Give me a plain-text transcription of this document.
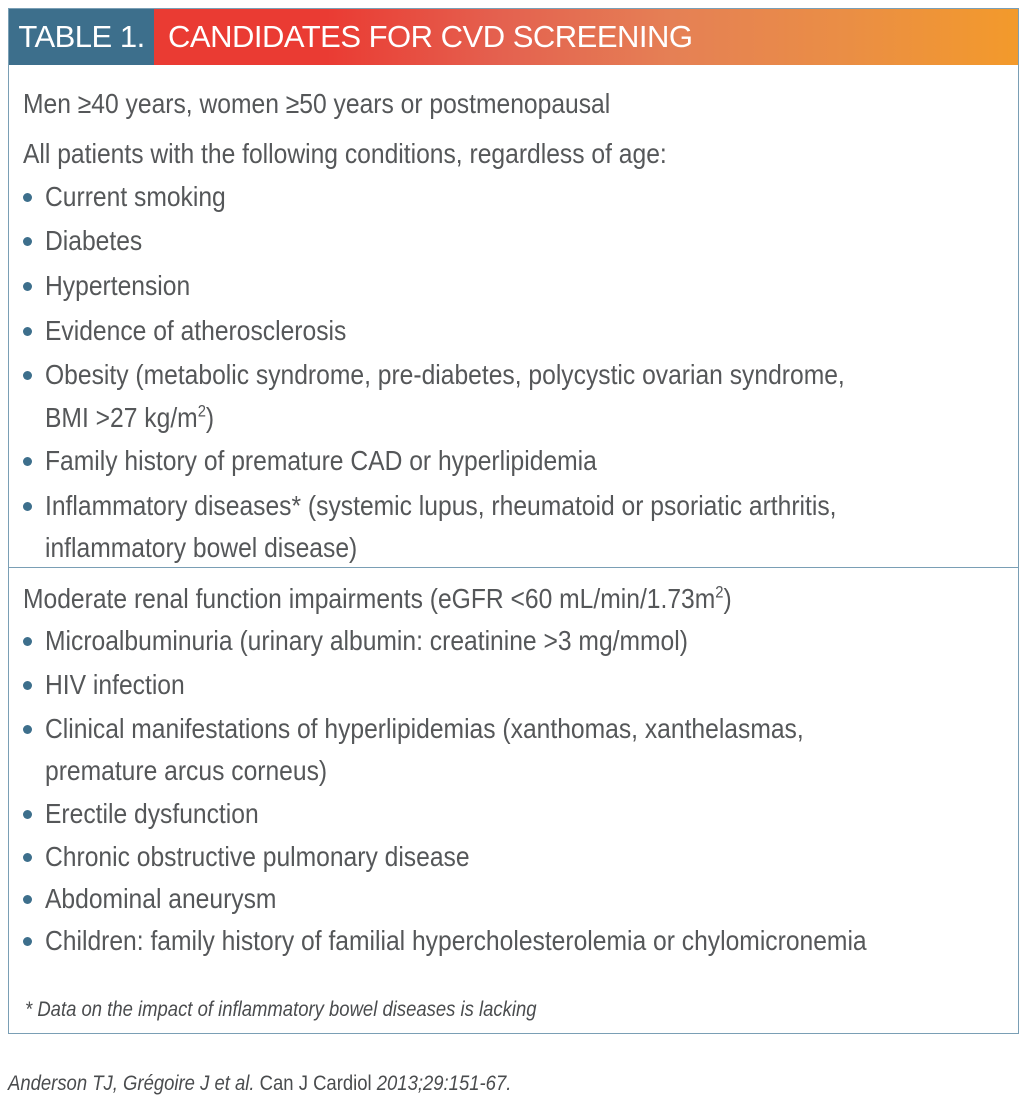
TABLE 1. CANDIDATES FOR CVD SCREENING
Men ≥40 years, women ≥50 years or postmenopausal
All patients with the following conditions, regardless of age:
Current smoking
Diabetes
Hypertension
Evidence of atherosclerosis
Obesity (metabolic syndrome, pre-diabetes, polycystic ovarian syndrome,
BMI >27 $kg/m^2$)
Family history of premature CAD or hyperlipidemia
Inflammatory diseases* (systemic lupus, rheumatoid or psoriatic arthritis,
inflammatory bowel disease)
Moderate renal function impairments (eGFR <60 $mL/\min/1.73m^2$)
Microalbuminuria (urinary albumin: creatinine >3 mg/mmol)
HIV infection
Clinical manifestations of hyperlipidemias (xanthomas, xanthelasmas,
premature arcus corneus)
Erectile dysfunction
Chronic obstructive pulmonary disease
Abdominal aneurysm
Children: family history of familial hypercholesterolemia or chylomicronemia
* Data on the impact of inflammatory bowel diseases is lacking
Anderson TJ, Grégoire J et al. Can J Cardiol 2013;29:151-67.
